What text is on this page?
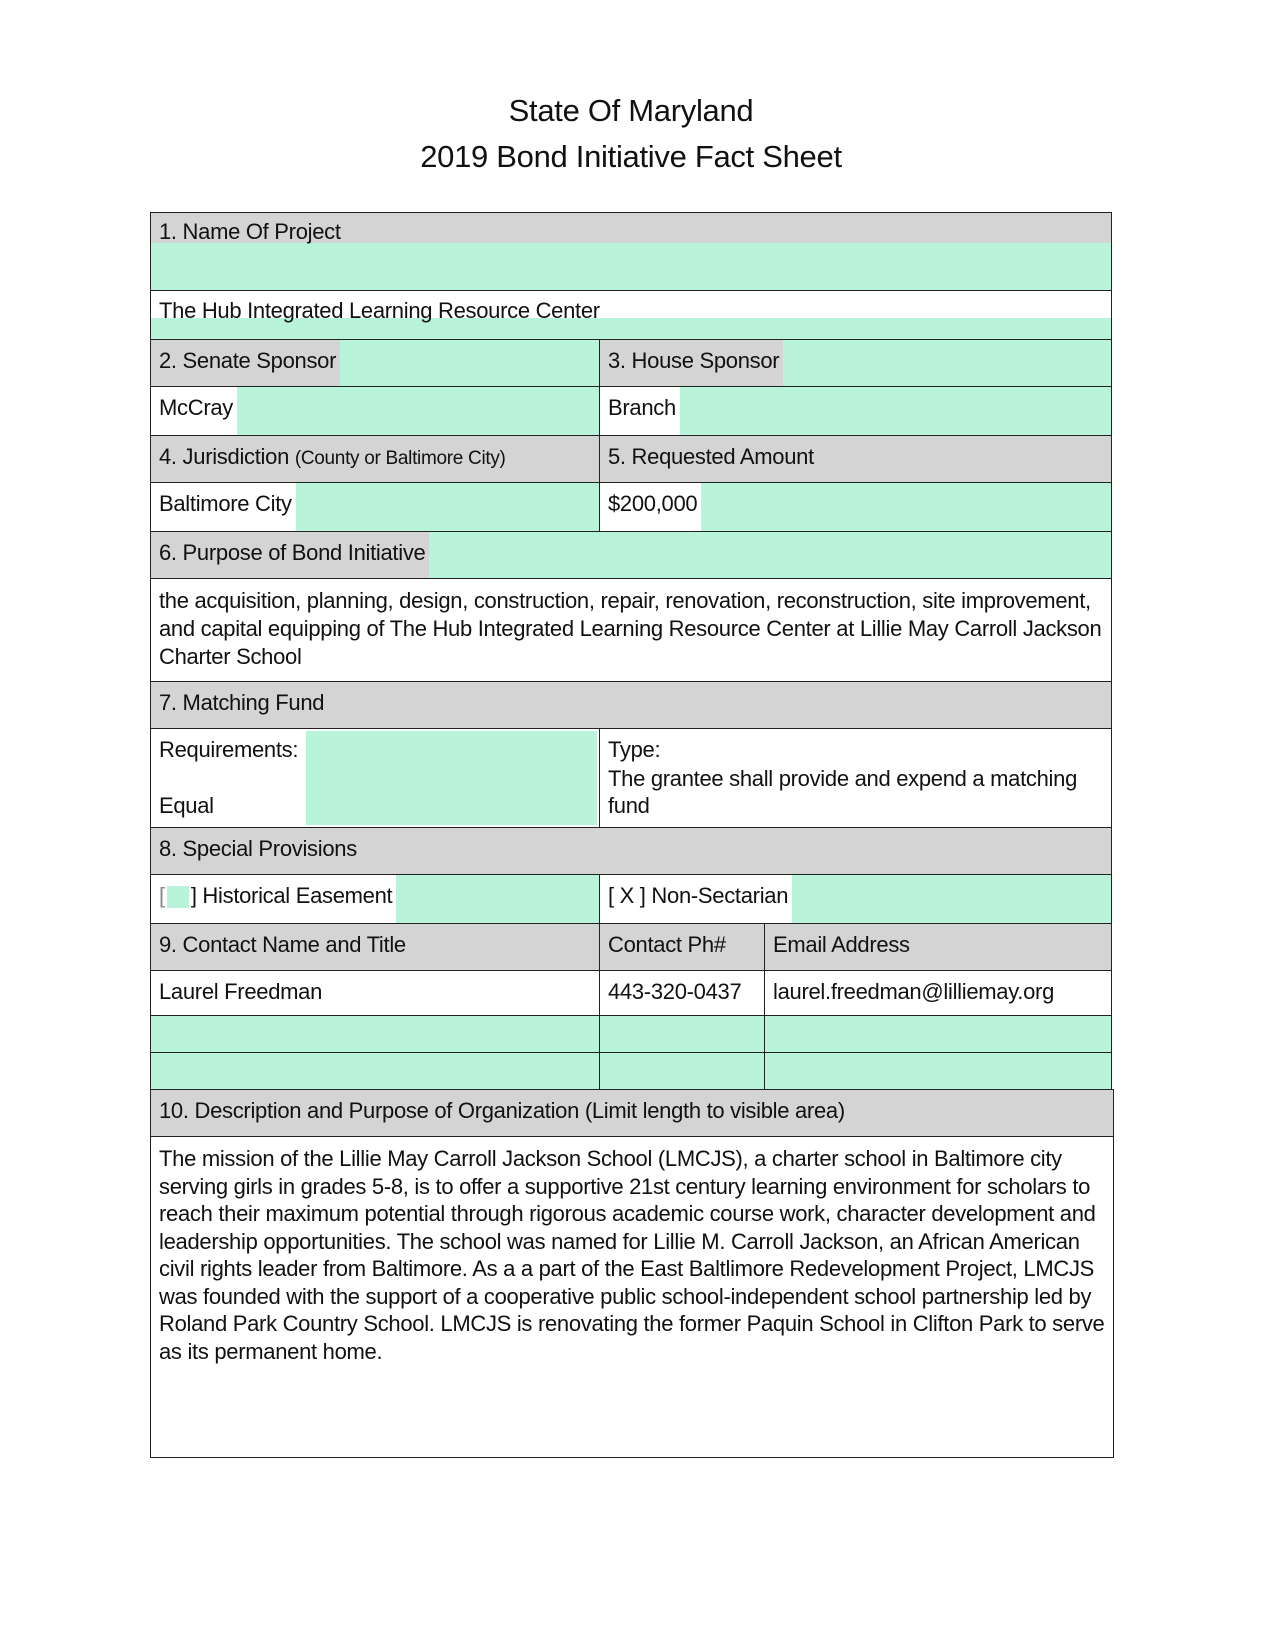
State Of Maryland
2019 Bond Initiative Fact Sheet
1. Name Of Project
The Hub Integrated Learning Resource Center
2. Senate Sponsor	3. House Sponsor
McCray	Branch
4. Jurisdiction (County or Baltimore City)	5. Requested Amount
Baltimore City	$200,000
6. Purpose of Bond Initiative
the acquisition, planning, design, construction, repair, renovation, reconstruction, site improvement, and capital equipping of The Hub Integrated Learning Resource Center at Lillie May Carroll Jackson Charter School
7. Matching Fund
Requirements:
Equal
Type:
The grantee shall provide and expend a matching fund
8. Special Provisions
[ ] Historical Easement	[ X ] Non-Sectarian
9. Contact Name and Title	Contact Ph# Email Address
Laurel Freedman	443-320-0437 laurel.freedman@lilliemay.org
10. Description and Purpose of Organization (Limit length to visible area)
The mission of the Lillie May Carroll Jackson School (LMCJS), a charter school in Baltimore city serving girls in grades 5-8, is to offer a supportive 21st century learning environment for scholars to reach their maximum potential through rigorous academic course work, character development and leadership opportunities. The school was named for Lillie M. Carroll Jackson, an African American civil rights leader from Baltimore. As a a part of the East Baltlimore Redevelopment Project, LMCJS was founded with the support of a cooperative public school-independent school partnership led by Roland Park Country School. LMCJS is renovating the former Paquin School in Clifton Park to serve as its permanent home.
